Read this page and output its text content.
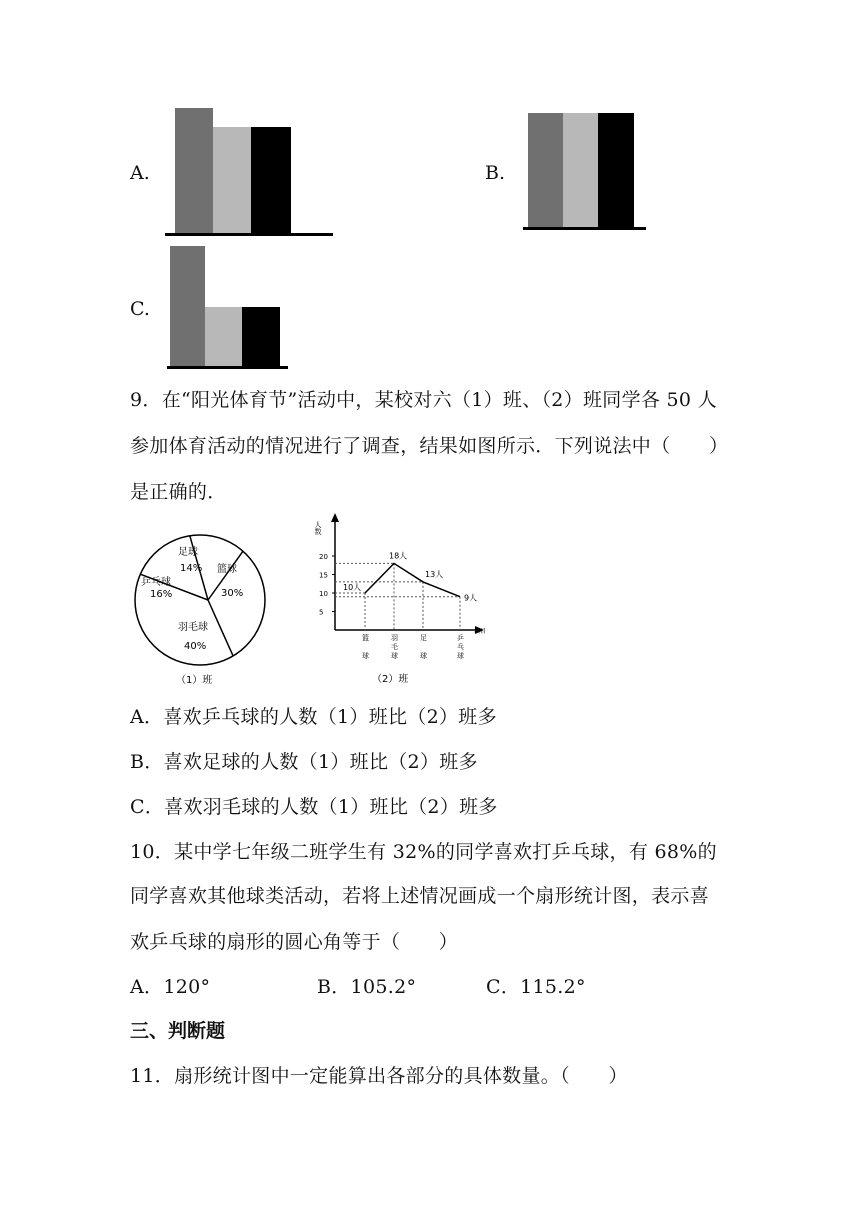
A.	B.
C.
9．在“阳光体育节”活动中，某校对六（1）班、（2）班同学各 50 人
参加体育活动的情况进行了调查，结果如图所示．下列说法中（　　）
是正确的．
足球
14% 篮球
30%
羽毛球
40%
乒乓球
16%
（1）班
人数
项目
5
10
15
20
10人
18人
13人
9人
篮球
羽毛球
足球
乒乓球
（2）班
A．喜欢乒乓球的人数（1）班比（2）班多
B．喜欢足球的人数（1）班比（2）班多
C．喜欢羽毛球的人数（1）班比（2）班多
10．某中学七年级二班学生有 32%的同学喜欢打乒乓球，有 68%的
同学喜欢其他球类活动，若将上述情况画成一个扇形统计图，表示喜
欢乒乓球的扇形的圆心角等于（　　）
A．120°	B．105.2°	C．115.2°
三、判断题
11．扇形统计图中一定能算出各部分的具体数量。（　　）
